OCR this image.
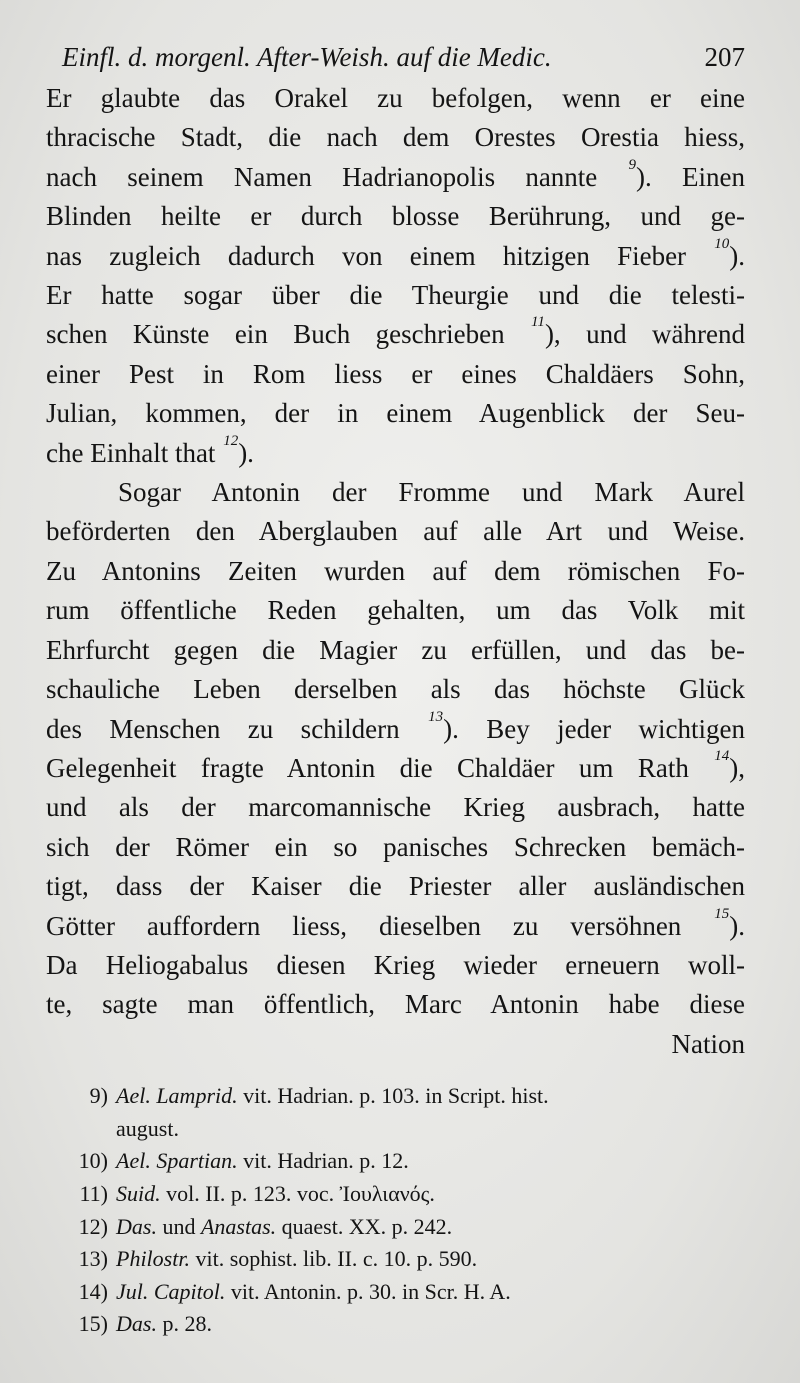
Einfl. d. morgenl. After-Weish. auf die Medic.	207
Er glaubte das Orakel zu befolgen, wenn er eine
thracische Stadt, die nach dem Orestes Orestia hiess,
nach seinem Namen Hadrianopolis nannte $^9$). Einen
Blinden heilte er durch blosse Berührung, und ge-
nas zugleich dadurch von einem hitzigen Fieber $^{10}$).
Er hatte sogar über die Theurgie und die telesti-
schen Künste ein Buch geschrieben $^{11}$), und während
einer Pest in Rom liess er eines Chaldäers Sohn,
Julian, kommen, der in einem Augenblick der Seu-
che Einhalt that $^{12}$).
Sogar Antonin der Fromme und Mark Aurel
beförderten den Aberglauben auf alle Art und Weise.
Zu Antonins Zeiten wurden auf dem römischen Fo-
rum öffentliche Reden gehalten, um das Volk mit
Ehrfurcht gegen die Magier zu erfüllen, und das be-
schauliche Leben derselben als das höchste Glück
des Menschen zu schildern $^{13}$). Bey jeder wichtigen
Gelegenheit fragte Antonin die Chaldäer um Rath $^{14}$),
und als der marcomannische Krieg ausbrach, hatte
sich der Römer ein so panisches Schrecken bemäch-
tigt, dass der Kaiser die Priester aller ausländischen
Götter auffordern liess, dieselben zu versöhnen $^{15}$).
Da Heliogabalus diesen Krieg wieder erneuern woll-
te, sagte man öffentlich, Marc Antonin habe diese
Nation
9) Ael. Lamprid. vit. Hadrian. p. 103. in Script. hist.
august.
10) Ael. Spartian. vit. Hadrian. p. 12.
11) Suid. vol. II. p. 123. voc. Ἰουλιανός.
12) Das. und Anastas. quaest. XX. p. 242.
13) Philostr. vit. sophist. lib. II. c. 10. p. 590.
14) Jul. Capitol. vit. Antonin. p. 30. in Scr. H. A.
15) Das. p. 28.
